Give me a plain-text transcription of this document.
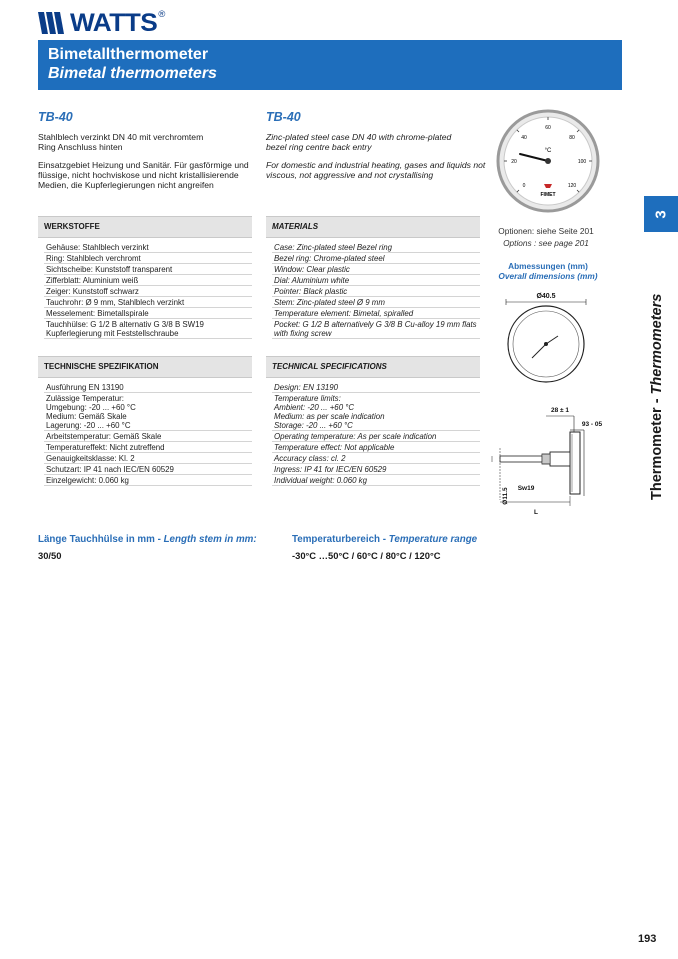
WATTS®
Bimetallthermometer
Bimetal thermometers
TB-40	TB-40
Stahlblech verzinkt DN 40 mit verchromtem
Ring Anschluss hinten
Einsatzgebiet Heizung und Sanitär. Für gasförmige und
flüssige, nicht hochviskose und nicht kristallisierende
Medien, die Kupferlegierungen nicht angreifen
Zinc-plated steel case DN 40 with chrome-plated
bezel ring centre back entry
For domestic and industrial heating, gases and liquids not
viscous, not aggressive and not crystallising
WERKSTOFFE
Gehäuse: Stahlblech verzinkt
Ring: Stahlblech verchromt
Sichtscheibe: Kunststoff transparent
Zifferblatt: Aluminium weiß
Zeiger: Kunststoff schwarz
Tauchrohr: Ø 9 mm, Stahlblech verzinkt
Messelement: Bimetallspirale
Tauchhülse: G 1/2 B alternativ G 3/8 B SW19
Kupferlegierung mit Feststellschraube
MATERIALS
Case: Zinc-plated steel Bezel ring
Bezel ring: Chrome-plated steel
Window: Clear plastic
Dial: Aluminium white
Pointer: Black plastic
Stem: Zinc-plated steel Ø 9 mm
Temperature element: Bimetal, spiralled
Pocket: G 1/2 B alternatively G 3/8 B Cu-alloy 19 mm flats
with fixing screw
TECHNISCHE SPEZIFIKATION
Ausführung EN 13190
Zulässige Temperatur:
Umgebung: -20 ... +60 °C
Medium: Gemäß Skale
Lagerung: -20 ... +60 °C
Arbeitstemperatur: Gemäß Skale
Temperatureffekt: Nicht zutreffend
Genauigkeitsklasse: Kl. 2
Schutzart: IP 41 nach IEC/EN 60529
Einzelgewicht: 0.060 kg
TECHNICAL SPECIFICATIONS
Design: EN 13190
Temperature limits:
Ambient: -20 ... +60 °C
Medium: as per scale indication
Storage: -20 ... +60 °C
Operating temperature: As per scale indication
Temperature effect: Not applicable
Accuracy class: cl. 2
Ingress: IP 41 for IEC/EN 60529
Individual weight: 0.060 kg
0
20
40
60
80
100
120
°C
FIMET
Optionen: siehe Seite 201
Options : see page 201
Abmessungen (mm)
Overall dimensions (mm)
Ø40.5
28 ± 1
93 - 05
Sw19
Ø11.5
L
3
Thermometer - Thermometers
Länge Tauchhülse in mm - Length stem in mm:
30/50
Temperaturbereich - Temperature range
-30°C …50°C / 60°C / 80°C / 120°C
193
